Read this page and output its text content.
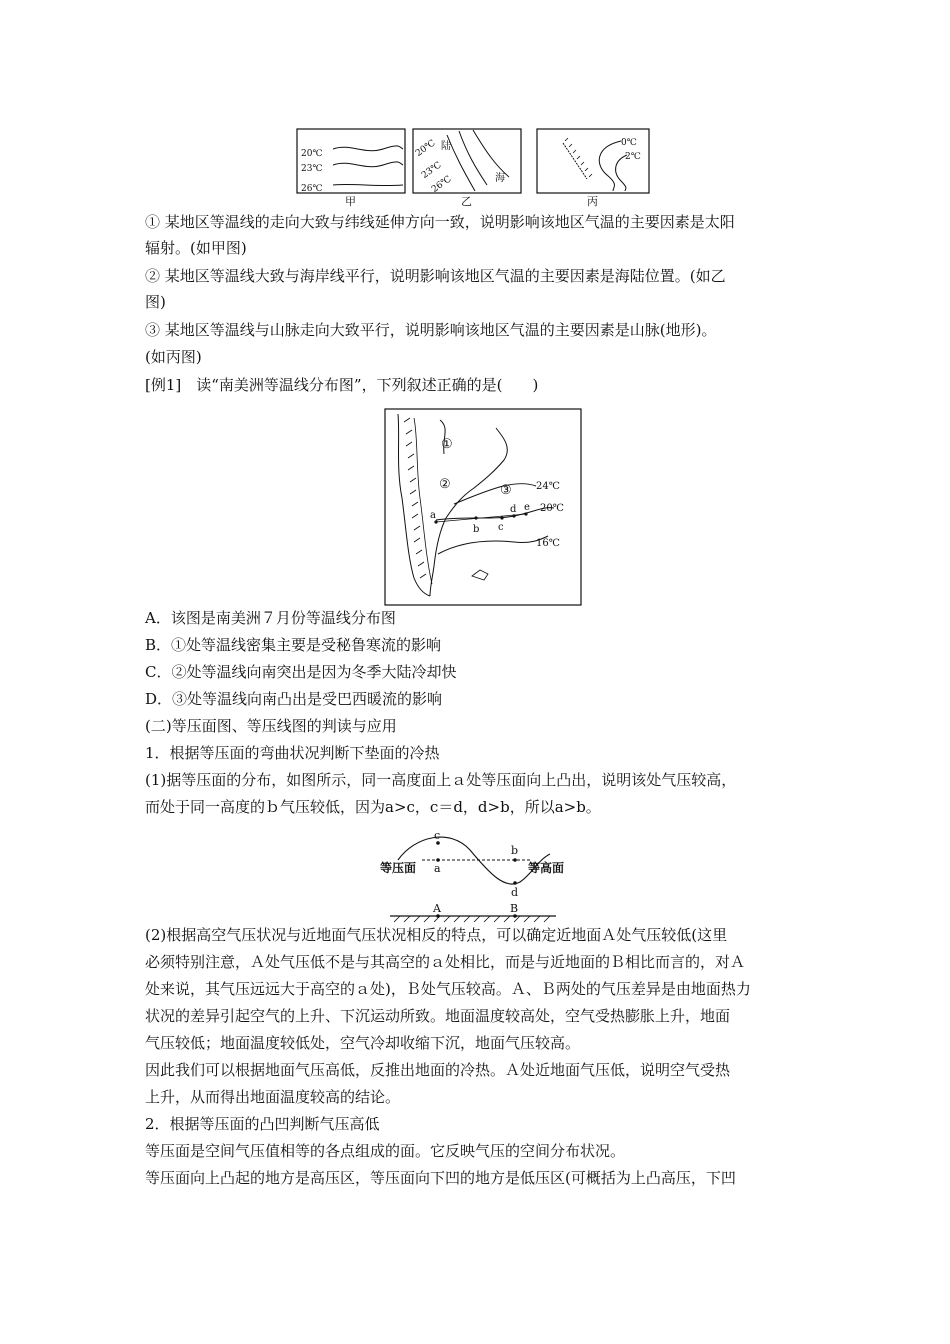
20℃
23℃
26℃
甲
20℃
23℃
26℃
陆
海
乙
0℃
2℃
丙

① 某地区等温线的走向大致与纬线延伸方向一致，说明影响该地区气温的主要因素是太阳

辐射。(如甲图)

② 某地区等温线大致与海岸线平行，说明影响该地区气温的主要因素是海陆位置。(如乙

图)

③ 某地区等温线与山脉走向大致平行，说明影响该地区气温的主要因素是山脉(地形)。

(如丙图)

[例1]　读“南美洲等温线分布图”，下列叙述正确的是(　　)

①
②	③ 24℃
20℃
16℃
a
b c
d e

A．该图是南美洲７月份等温线分布图

B．①处等温线密集主要是受秘鲁寒流的影响

C．②处等温线向南突出是因为冬季大陆冷却快

D．③处等温线向南凸出是受巴西暖流的影响

(二)等压面图、等压线图的判读与应用

1．根据等压面的弯曲状况判断下垫面的冷热

(1)据等压面的分布，如图所示，同一高度面上ａ处等压面向上凸出，说明该处气压较高，

而处于同一高度的ｂ气压较低，因为a>c，c＝d，d>b，所以a>b。

c
a
b
d
等压面	等高面
A	B

(2)根据高空气压状况与近地面气压状况相反的特点，可以确定近地面Ａ处气压较低(这里

必须特别注意，Ａ处气压低不是与其高空的ａ处相比，而是与近地面的Ｂ相比而言的，对Ａ

处来说，其气压远远大于高空的ａ处)，Ｂ处气压较高。Ａ、Ｂ两处的气压差异是由地面热力

状况的差异引起空气的上升、下沉运动所致。地面温度较高处，空气受热膨胀上升，地面

气压较低；地面温度较低处，空气冷却收缩下沉，地面气压较高。

因此我们可以根据地面气压高低，反推出地面的冷热。Ａ处近地面气压低，说明空气受热

上升，从而得出地面温度较高的结论。

2．根据等压面的凸凹判断气压高低

等压面是空间气压值相等的各点组成的面。它反映气压的空间分布状况。

等压面向上凸起的地方是高压区，等压面向下凹的地方是低压区(可概括为上凸高压，下凹
